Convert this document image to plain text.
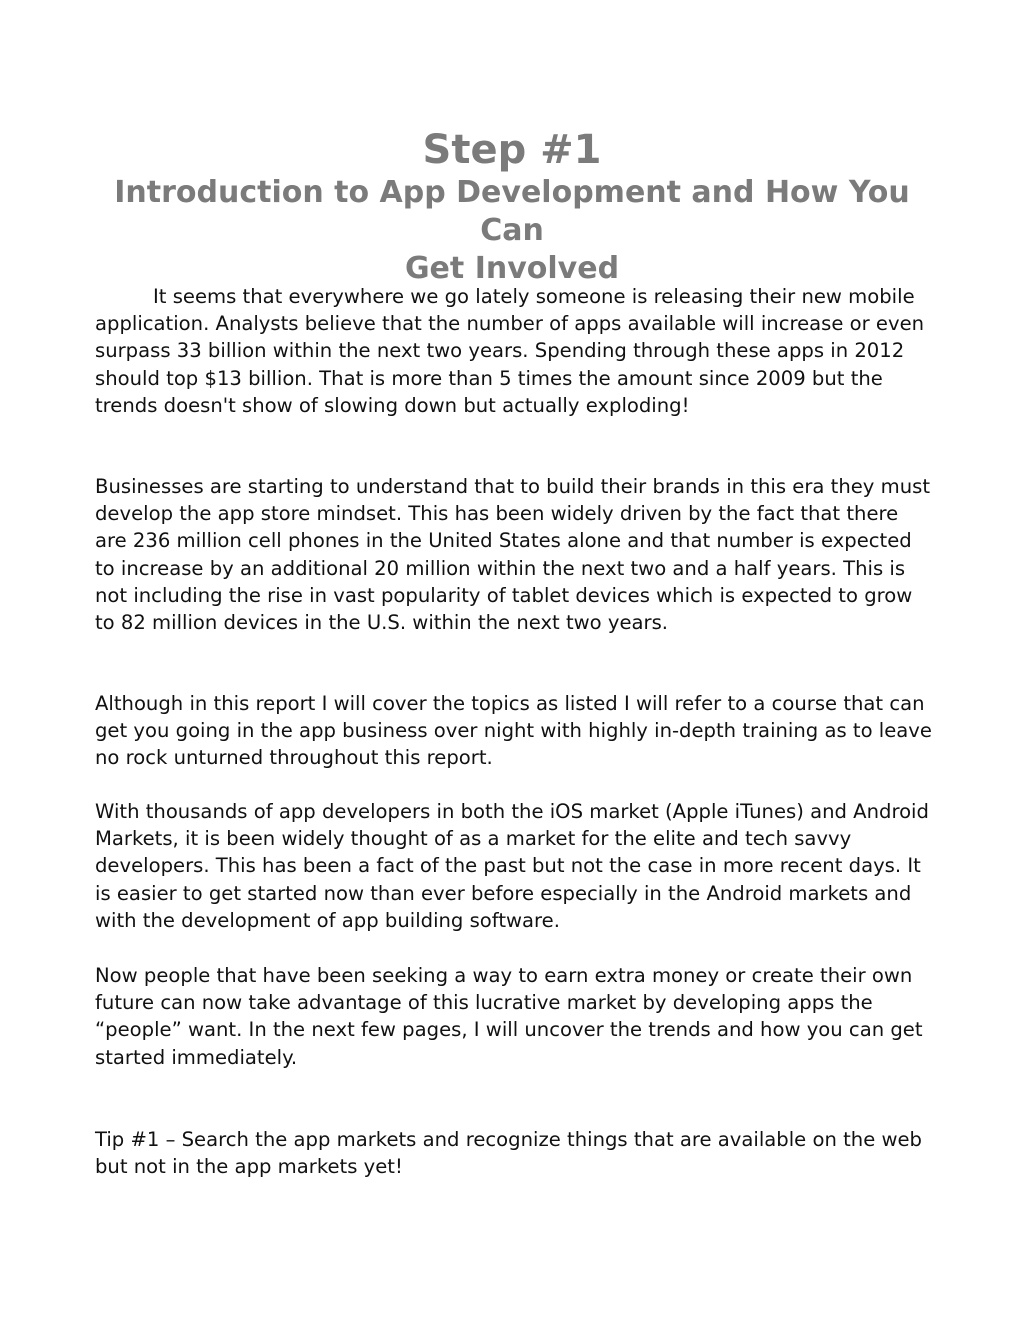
Step #1
Introduction to App Development and How You Can
Get Involved

It seems that everywhere we go lately someone is releasing their new mobile application. Analysts believe that the number of apps available will increase or even surpass 33 billion within the next two years. Spending through these apps in 2012 should top $13 billion. That is more than 5 times the amount since 2009 but the trends doesn't show of slowing down but actually exploding!

Businesses are starting to understand that to build their brands in this era they must develop the app store mindset. This has been widely driven by the fact that there are 236 million cell phones in the United States alone and that number is expected to increase by an additional 20 million within the next two and a half years. This is not including the rise in vast popularity of tablet devices which is expected to grow to 82 million devices in the U.S. within the next two years.

Although in this report I will cover the topics as listed I will refer to a course that can get you going in the app business over night with highly in-depth training as to leave no rock unturned throughout this report.

With thousands of app developers in both the iOS market (Apple iTunes) and Android Markets, it is been widely thought of as a market for the elite and tech savvy developers. This has been a fact of the past but not the case in more recent days. It is easier to get started now than ever before especially in the Android markets and with the development of app building software.

Now people that have been seeking a way to earn extra money or create their own future can now take advantage of this lucrative market by developing apps the “people” want. In the next few pages, I will uncover the trends and how you can get started immediately.

Tip #1 – Search the app markets and recognize things that are available on the web but not in the app markets yet!
